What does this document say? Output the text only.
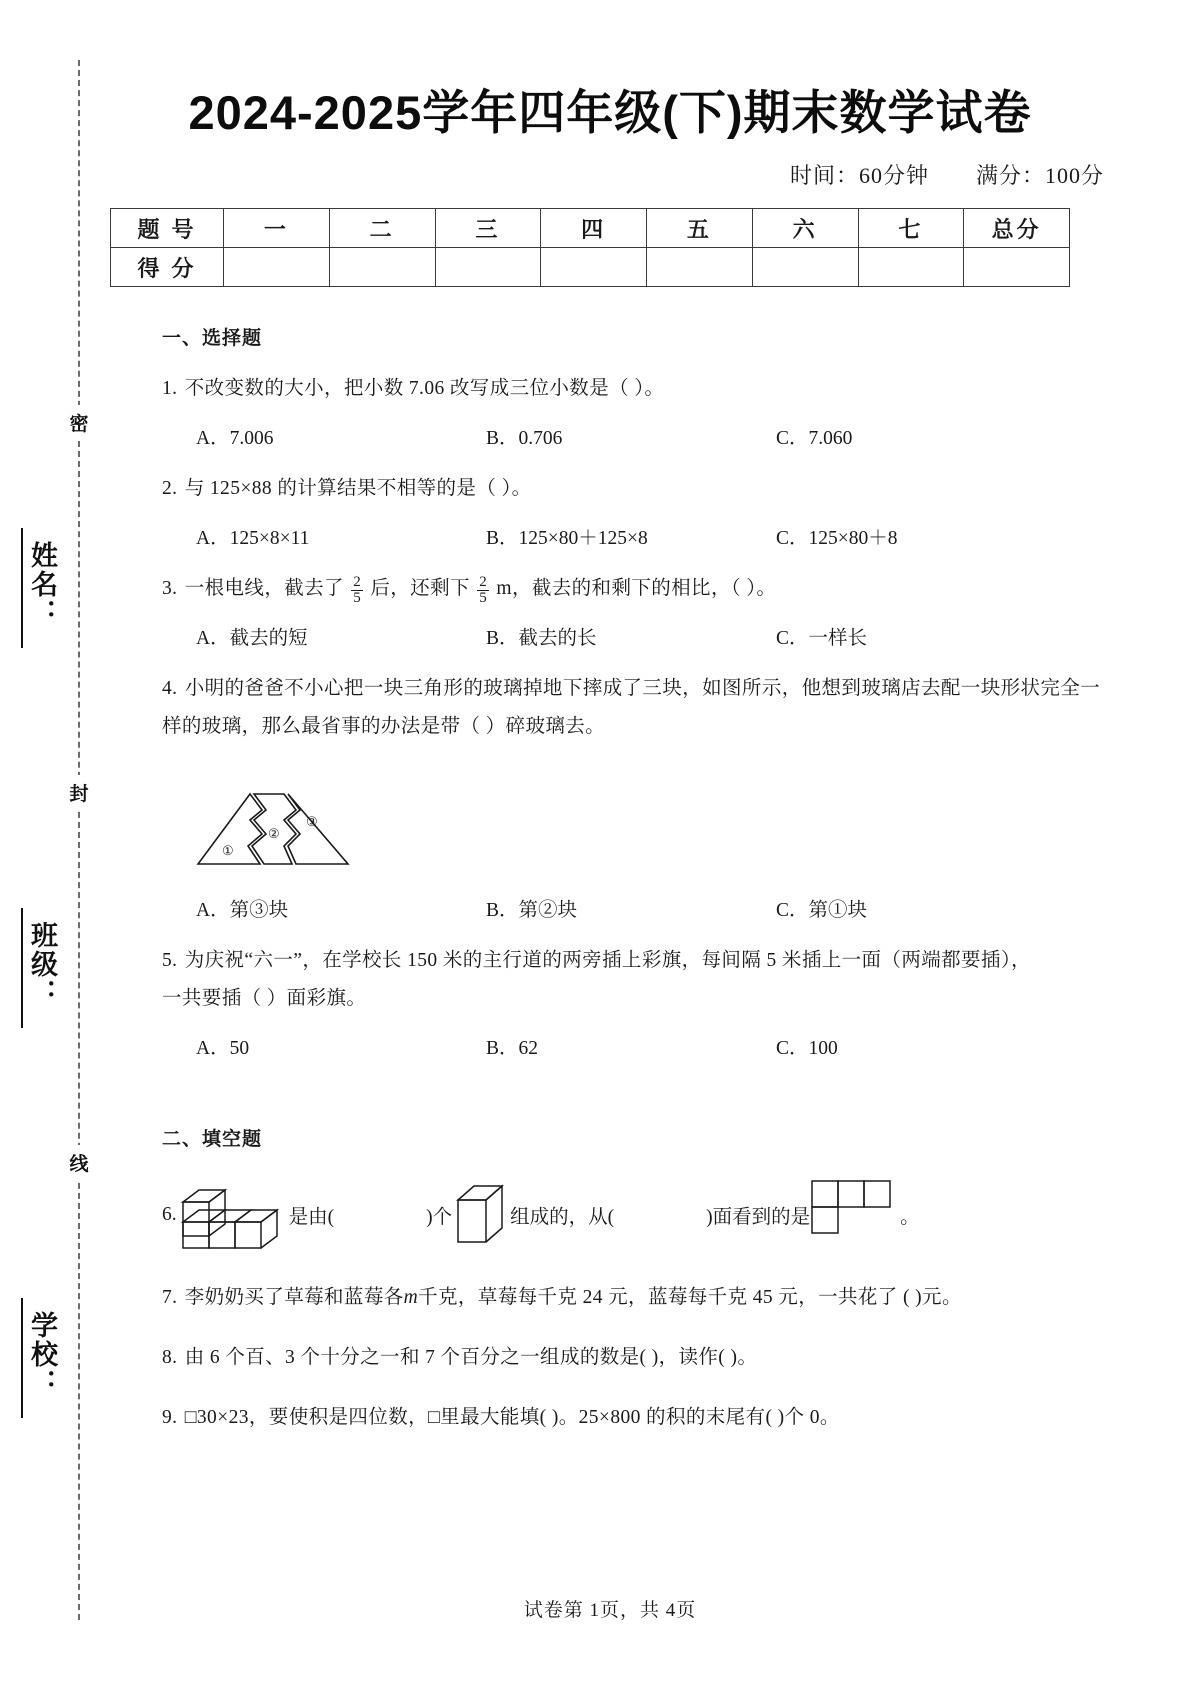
密
封
线
姓名：
班级：
学校：
2024-2025学年四年级(下)期末数学试卷
时间：60分钟 满分：100分
题 号	一	二	三	四	五	六	七	总分
得 分								
一、选择题
1. 不改变数的大小，把小数 7.06 改写成三位小数是（ ）。
A．7.006	B．0.706	C．7.060
2. 与 125×88 的计算结果不相等的是（ ）。
A．125×8×11	B．125×80＋125×8	C．125×80＋8
3. 一根电线，截去了 $\frac{2}{5}$ 后，还剩下 $\frac{2}{5}$ m，截去的和剩下的相比，（ ）。
A．截去的短	B．截去的长	C．一样长
4. 小明的爸爸不小心把一块三角形的玻璃掉地下摔成了三块，如图所示，他想到玻璃店去配一块形状完全一样的玻璃，那么最省事的办法是带（ ）碎玻璃去。
①
②
③
A．第③块	B．第②块	C．第①块
5. 为庆祝“六一”，在学校长 150 米的主行道的两旁插上彩旗，每间隔 5 米插上一面（两端都要插），一共要插（ ）面彩旗。
A．50	B．62	C．100
二、填空题
6.	是由(	)个	组成的，从(	)面看到的是	。
7. 李奶奶买了草莓和蓝莓各m千克，草莓每千克 24 元，蓝莓每千克 45 元，一共花了 ( )元。
8. 由 6 个百、3 个十分之一和 7 个百分之一组成的数是( )，读作( )。
9. □30×23，要使积是四位数，□里最大能填( )。25×800 的积的末尾有( )个 0。
试卷第 1页，共 4页
